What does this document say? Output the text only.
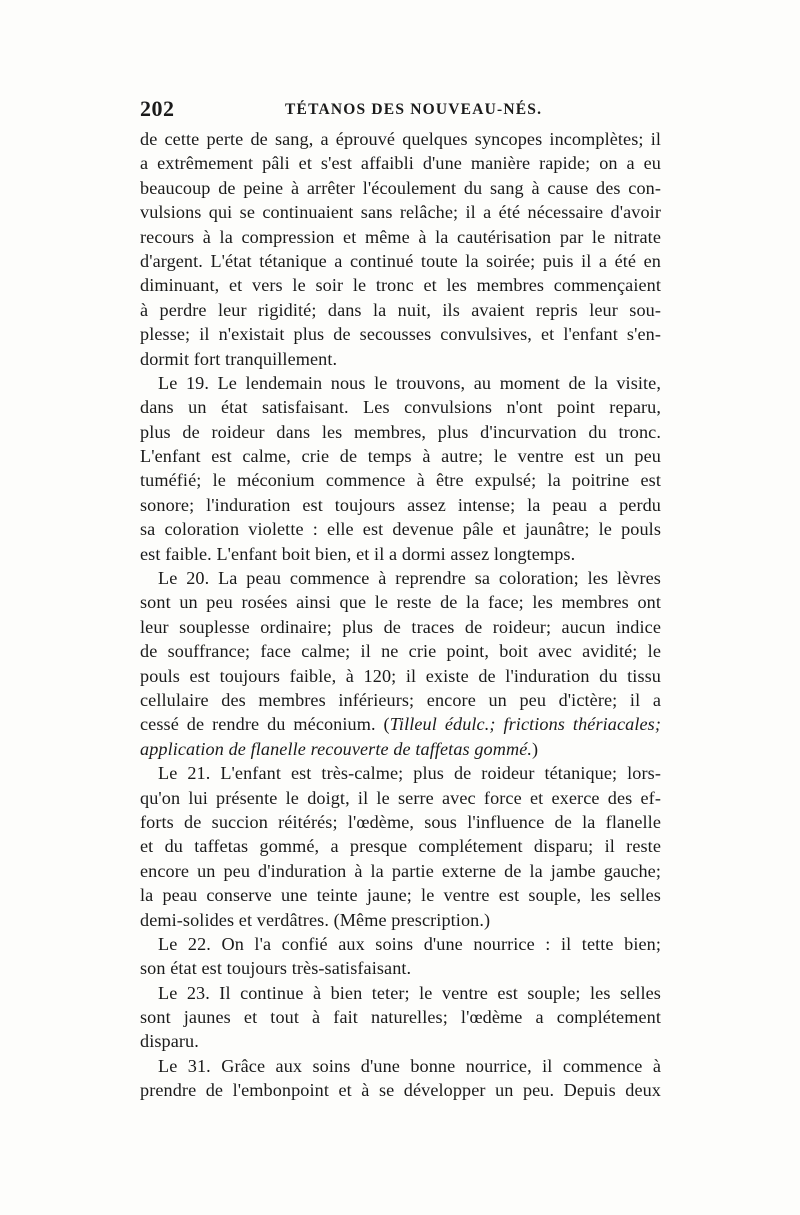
202	TÉTANOS DES NOUVEAU-NÉS.
de cette perte de sang, a éprouvé quelques syncopes incomplètes; il
a extrêmement pâli et s'est affaibli d'une manière rapide; on a eu
beaucoup de peine à arrêter l'écoulement du sang à cause des con-
vulsions qui se continuaient sans relâche; il a été nécessaire d'avoir
recours à la compression et même à la cautérisation par le nitrate
d'argent. L'état tétanique a continué toute la soirée; puis il a été en
diminuant, et vers le soir le tronc et les membres commençaient
à perdre leur rigidité; dans la nuit, ils avaient repris leur sou-
plesse; il n'existait plus de secousses convulsives, et l'enfant s'en-
dormit fort tranquillement.
Le 19. Le lendemain nous le trouvons, au moment de la visite,
dans un état satisfaisant. Les convulsions n'ont point reparu,
plus de roideur dans les membres, plus d'incurvation du tronc.
L'enfant est calme, crie de temps à autre; le ventre est un peu
tuméfié; le méconium commence à être expulsé; la poitrine est
sonore; l'induration est toujours assez intense; la peau a perdu
sa coloration violette : elle est devenue pâle et jaunâtre; le pouls
est faible. L'enfant boit bien, et il a dormi assez longtemps.
Le 20. La peau commence à reprendre sa coloration; les lèvres
sont un peu rosées ainsi que le reste de la face; les membres ont
leur souplesse ordinaire; plus de traces de roideur; aucun indice
de souffrance; face calme; il ne crie point, boit avec avidité; le
pouls est toujours faible, à 120; il existe de l'induration du tissu
cellulaire des membres inférieurs; encore un peu d'ictère; il a
cessé de rendre du méconium. (Tilleul édulc.; frictions thériacales;
application de flanelle recouverte de taffetas gommé.)
Le 21. L'enfant est très-calme; plus de roideur tétanique; lors-
qu'on lui présente le doigt, il le serre avec force et exerce des ef-
forts de succion réitérés; l'œdème, sous l'influence de la flanelle
et du taffetas gommé, a presque complétement disparu; il reste
encore un peu d'induration à la partie externe de la jambe gauche;
la peau conserve une teinte jaune; le ventre est souple, les selles
demi-solides et verdâtres. (Même prescription.)
Le 22. On l'a confié aux soins d'une nourrice : il tette bien;
son état est toujours très-satisfaisant.
Le 23. Il continue à bien teter; le ventre est souple; les selles
sont jaunes et tout à fait naturelles; l'œdème a complétement
disparu.
Le 31. Grâce aux soins d'une bonne nourrice, il commence à
prendre de l'embonpoint et à se développer un peu. Depuis deux
